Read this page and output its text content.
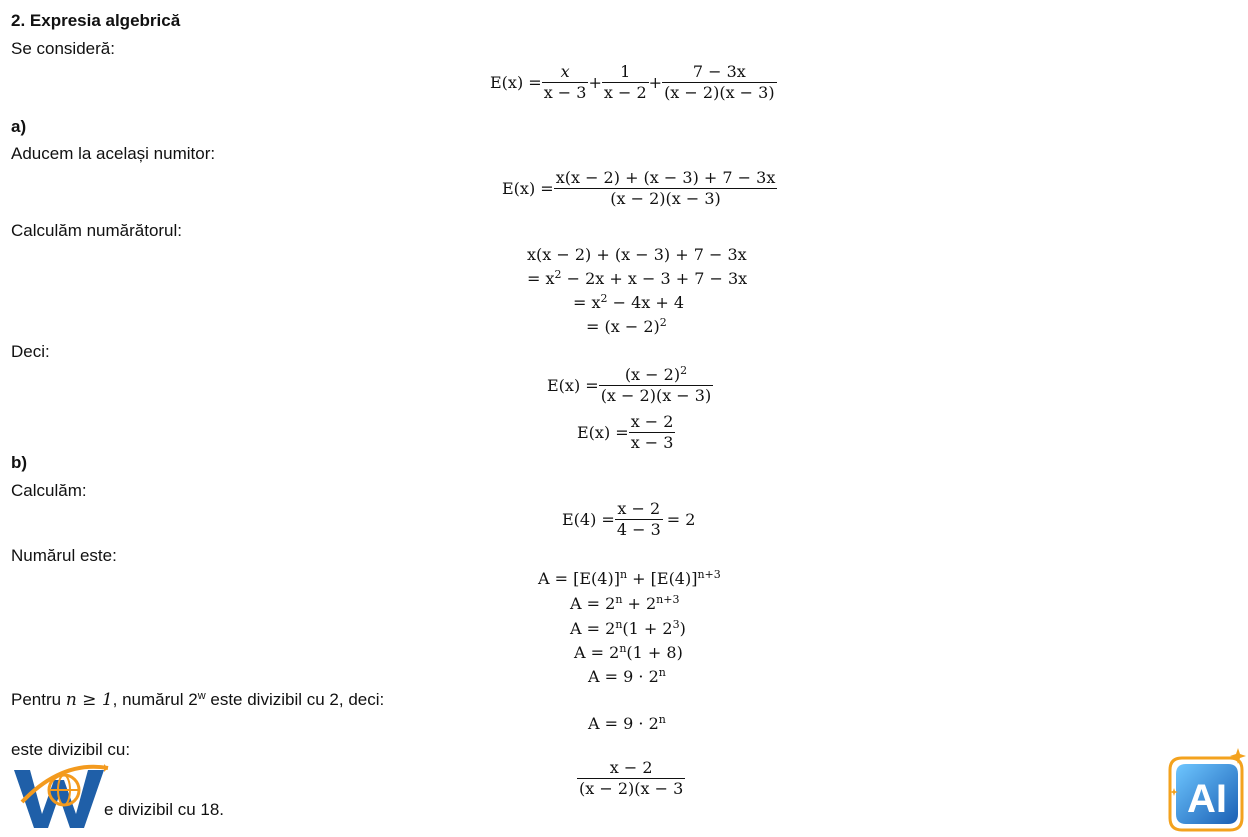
2. Expresia algebrică
Se consideră:
$E(x) = \frac{x}{x - 3} + \frac{1}{x - 2} + \frac{7 - 3x}{(x - 2)(x - 3)}$
a)
Aducem la același numitor:
$E(x) = \frac{x(x - 2) + (x - 3) + 7 - 3x}{(x - 2)(x - 3)}$
Calculăm numărătorul:
x(x − 2) + (x − 3) + 7 − 3x
= $x^2 - 2x + x - 3 + 7 - 3x$
= $x^2 - 4x + 4$
= $(x - 2)^2$
Deci:
$E(x) = \frac{(x - 2)^2}{(x - 2)(x - 3)}$
$E(x) = \frac{x - 2}{x - 3}$
b)
Calculăm:
$E(4) = \frac{x - 2}{4 - 3} = 2$
Numărul este:
$A = [E(4)]^n + [E(4)]^{n+3}$
$A = 2^n + 2^{n+3}$
$A = 2^n(1 + 2^3)$
$A = 2^n(1 + 8)$
$A = 9 \cdot 2^n$
Pentru n ≥ 1, numărul 2$^w$ este divizibil cu 2, deci:
$A = 9 \cdot 2^n$
este divizibil cu:
$\frac{x - 2}{(x - 2)(x - 3}$
e divizibil cu 18.	AI
